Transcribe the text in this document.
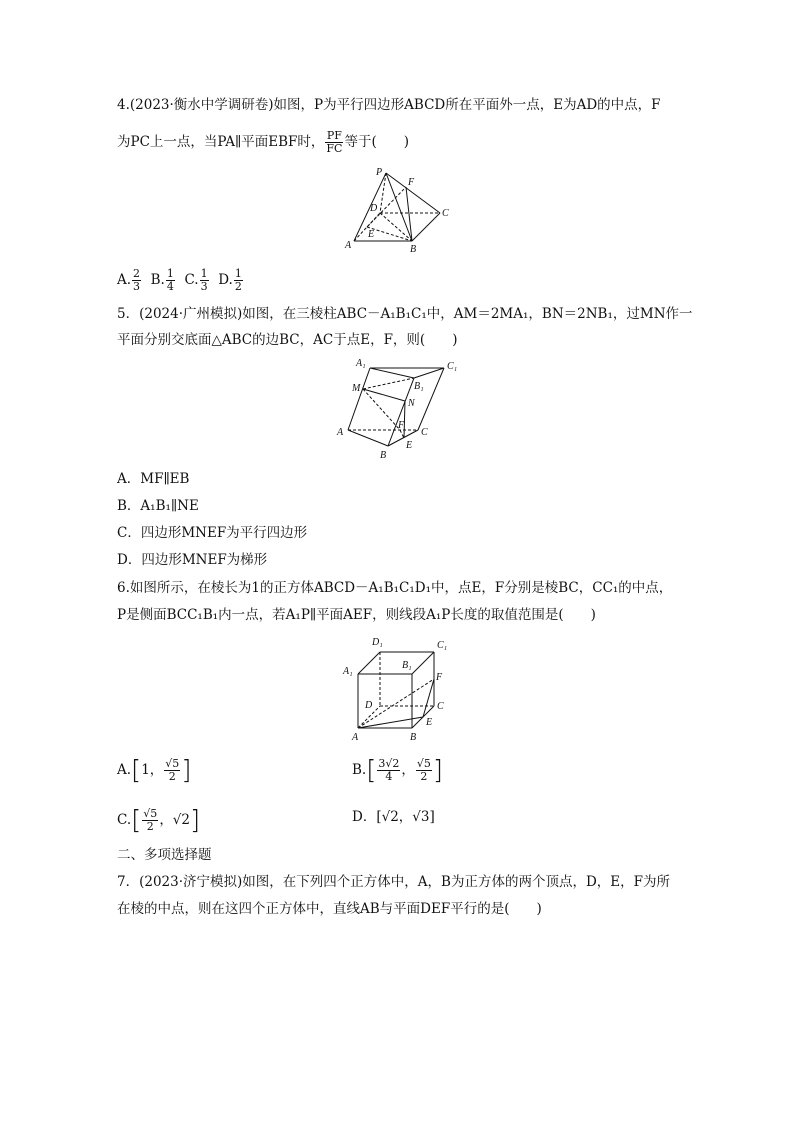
4.(2023·衡水中学调研卷)如图，P为平行四边形ABCD所在平面外一点，E为AD的中点，F
为PC上一点，当PA∥平面EBF时， $\frac{PF}{FC}$ 等于(　　)
P
F
D	C
E
A	B
A. $\frac{2}{3} B$. $\frac{1}{4} C$. $\frac{1}{3} D$. $\frac{1}{2}$
5．(2024·广州模拟)如图，在三棱柱ABC－A₁B₁C₁中，AM＝2MA₁，BN＝2NB₁，过MN作一
平面分别交底面△ABC的边BC，AC于点E，F，则(　　)
A₁	C₁
M	B₁
N
A
F
C
B
E
A．MF∥EB
B．A₁B₁∥NE
C．四边形MNEF为平行四边形
D．四边形MNEF为梯形
6.如图所示，在棱长为1的正方体ABCD－A₁B₁C₁D₁中，点E，F分别是棱BC，CC₁的中点，
P是侧面BCC₁B₁内一点，若A₁P∥平面AEF，则线段A₁P长度的取值范围是(　　)
D₁	C₁
A₁
B₁
F
D	C
E
A	B
A.[1， $\frac{√5}{2}$ ]	$B.[ \frac{3√2}{4}$ ， $\frac{√5}{2}$ ]
$C.[ \frac{√5}{2}$ ，√2]	D．[√2，√3]
二、多项选择题
7．(2023·济宁模拟)如图，在下列四个正方体中，A，B为正方体的两个顶点，D，E，F为所
在棱的中点，则在这四个正方体中，直线AB与平面DEF平行的是(　　)
